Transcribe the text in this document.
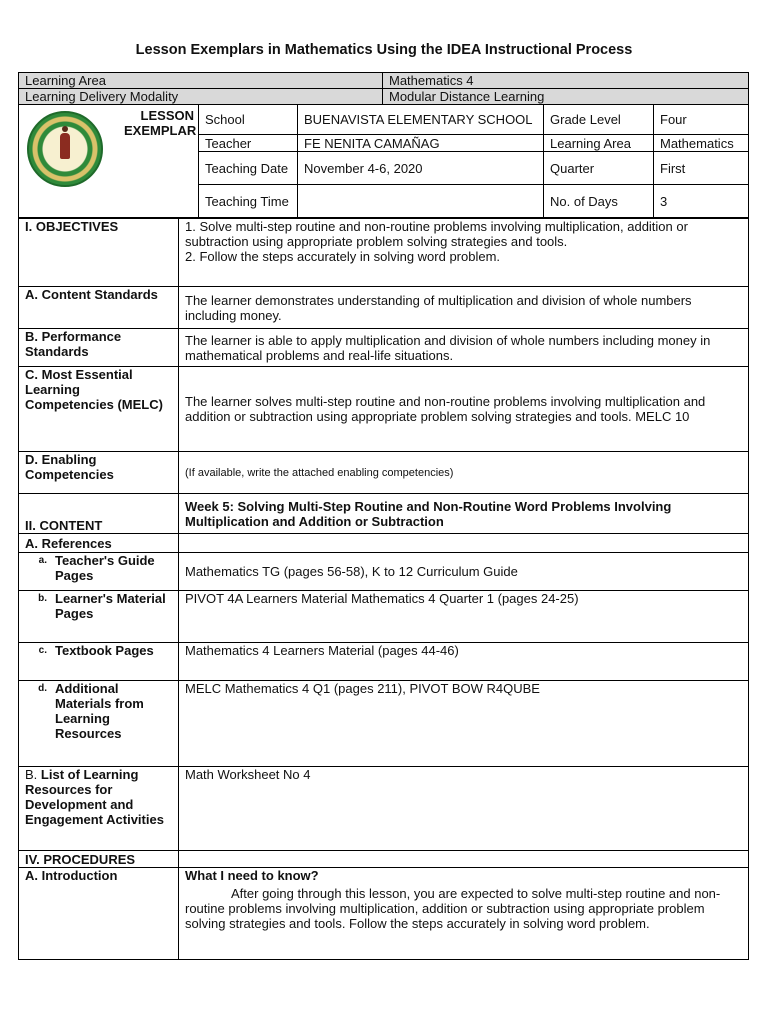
Lesson Exemplars in Mathematics Using the IDEA Instructional Process
Learning Area	Mathematics 4
Learning Delivery Modality	Modular Distance Learning
LESSON EXEMPLAR	School	BUENAVISTA ELEMENTARY SCHOOL	Grade Level	Four
	Teacher	FE NENITA CAMAÑAG	Learning Area	Mathematics
	Teaching Date	November 4-6, 2020	Quarter	First
	Teaching Time		No. of Days	3
I. OBJECTIVES	1. Solve multi-step routine and non-routine problems involving multiplication, addition or subtraction using appropriate problem solving strategies and tools.
2. Follow the steps accurately in solving word problem.

A. Content Standards	The learner demonstrates understanding of multiplication and division of whole numbers including money.
B. Performance Standards	The learner is able to apply multiplication and division of whole numbers including money in mathematical problems and real-life situations.
C. Most Essential Learning Competencies (MELC)	The learner solves multi-step routine and non-routine problems involving multiplication and addition or subtraction using appropriate problem solving strategies and tools. MELC 10
D. Enabling Competencies	(If available, write the attached enabling competencies)
II. CONTENT	Week 5: Solving Multi-Step Routine and Non-Routine Word Problems Involving Multiplication and Addition or Subtraction
A. References	

a. Teacher's Guide Pages	Mathematics TG (pages 56-58), K to 12 Curriculum Guide

b. Learner's Material Pages	PIVOT 4A Learners Material Mathematics 4 Quarter 1 (pages 24-25)

c. Textbook Pages	Mathematics 4 Learners Material (pages 44-46)

d. Additional Materials from Learning Resources	MELC Mathematics 4 Q1 (pages 211), PIVOT BOW R4QUBE
B. List of Learning Resources for Development and Engagement Activities	Math Worksheet No 4
IV. PROCEDURES	
A. Introduction	What I need to know?
After going through this lesson, you are expected to solve multi-step routine and non-routine problems involving multiplication, addition or subtraction using appropriate problem solving strategies and tools. Follow the steps accurately in solving word problem.
